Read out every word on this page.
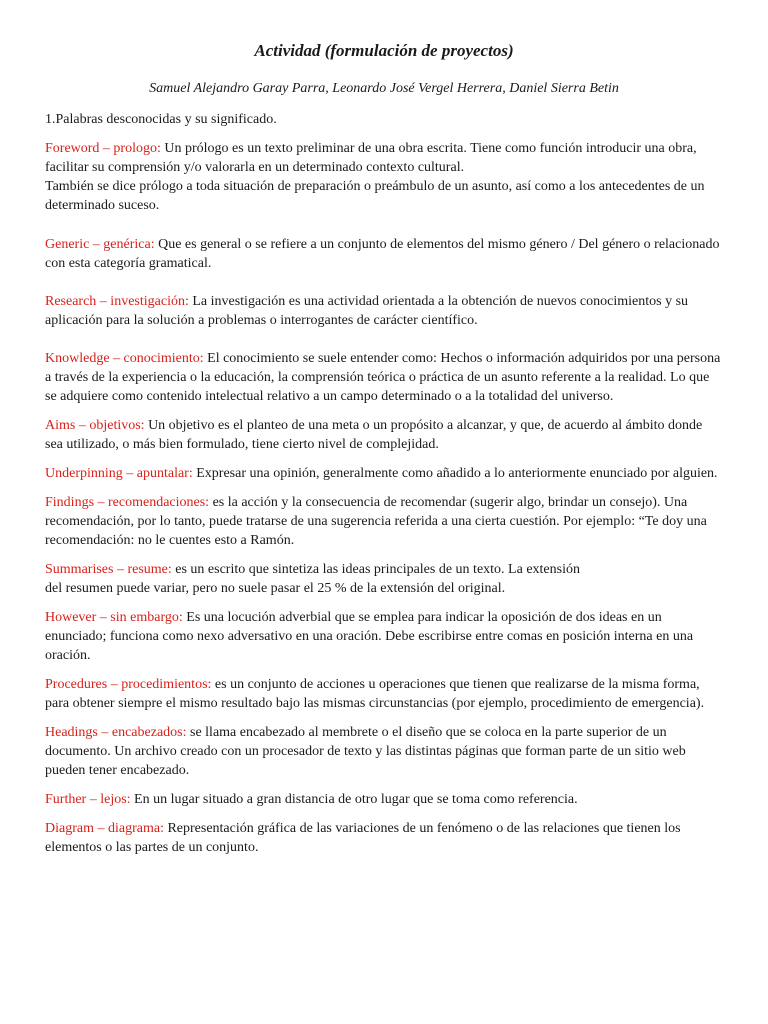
Actividad (formulación de proyectos)

Samuel Alejandro Garay Parra, Leonardo José Vergel Herrera, Daniel Sierra Betin

1.Palabras desconocidas y su significado.

Foreword – prologo: Un prólogo es un texto preliminar de una obra escrita. Tiene como función introducir una obra, facilitar su comprensión y/o valorarla en un determinado contexto cultural.
También se dice prólogo a toda situación de preparación o preámbulo de un asunto, así como a los antecedentes de un determinado suceso.

Generic – genérica: Que es general o se refiere a un conjunto de elementos del mismo género / Del género o relacionado con esta categoría gramatical.

Research – investigación: La investigación es una actividad orientada a la obtención de nuevos conocimientos y su aplicación para la solución a problemas o interrogantes de carácter científico.

Knowledge – conocimiento: El conocimiento se suele entender como: Hechos o información adquiridos por una persona a través de la experiencia o la educación, la comprensión teórica o práctica de un asunto referente a la realidad. Lo que se adquiere como contenido intelectual relativo a un campo determinado o a la totalidad del universo.

Aims – objetivos: Un objetivo es el planteo de una meta o un propósito a alcanzar, y que, de acuerdo al ámbito donde sea utilizado, o más bien formulado, tiene cierto nivel de complejidad.

Underpinning – apuntalar: Expresar una opinión, generalmente como añadido a lo anteriormente enunciado por alguien.

Findings – recomendaciones: es la acción y la consecuencia de recomendar (sugerir algo, brindar un consejo). Una recomendación, por lo tanto, puede tratarse de una sugerencia referida a una cierta cuestión. Por ejemplo: “Te doy una recomendación: no le cuentes esto a Ramón.

Summarises – resume: es un escrito que sintetiza las ideas principales de un texto. La extensión
del resumen puede variar, pero no suele pasar el 25 % de la extensión del original.

However – sin embargo: Es una locución adverbial que se emplea para indicar la oposición de dos ideas en un enunciado; funciona como nexo adversativo en una oración. Debe escribirse entre comas en posición interna en una oración.

Procedures – procedimientos: es un conjunto de acciones u operaciones que tienen que realizarse de la misma forma, para obtener siempre el mismo resultado bajo las mismas circunstancias (por ejemplo, procedimiento de emergencia).

Headings – encabezados: se llama encabezado al membrete o el diseño que se coloca en la parte superior de un documento. Un archivo creado con un procesador de texto y las distintas páginas que forman parte de un sitio web pueden tener encabezado.

Further – lejos: En un lugar situado a gran distancia de otro lugar que se toma como referencia.

Diagram – diagrama: Representación gráfica de las variaciones de un fenómeno o de las relaciones que tienen los elementos o las partes de un conjunto.
